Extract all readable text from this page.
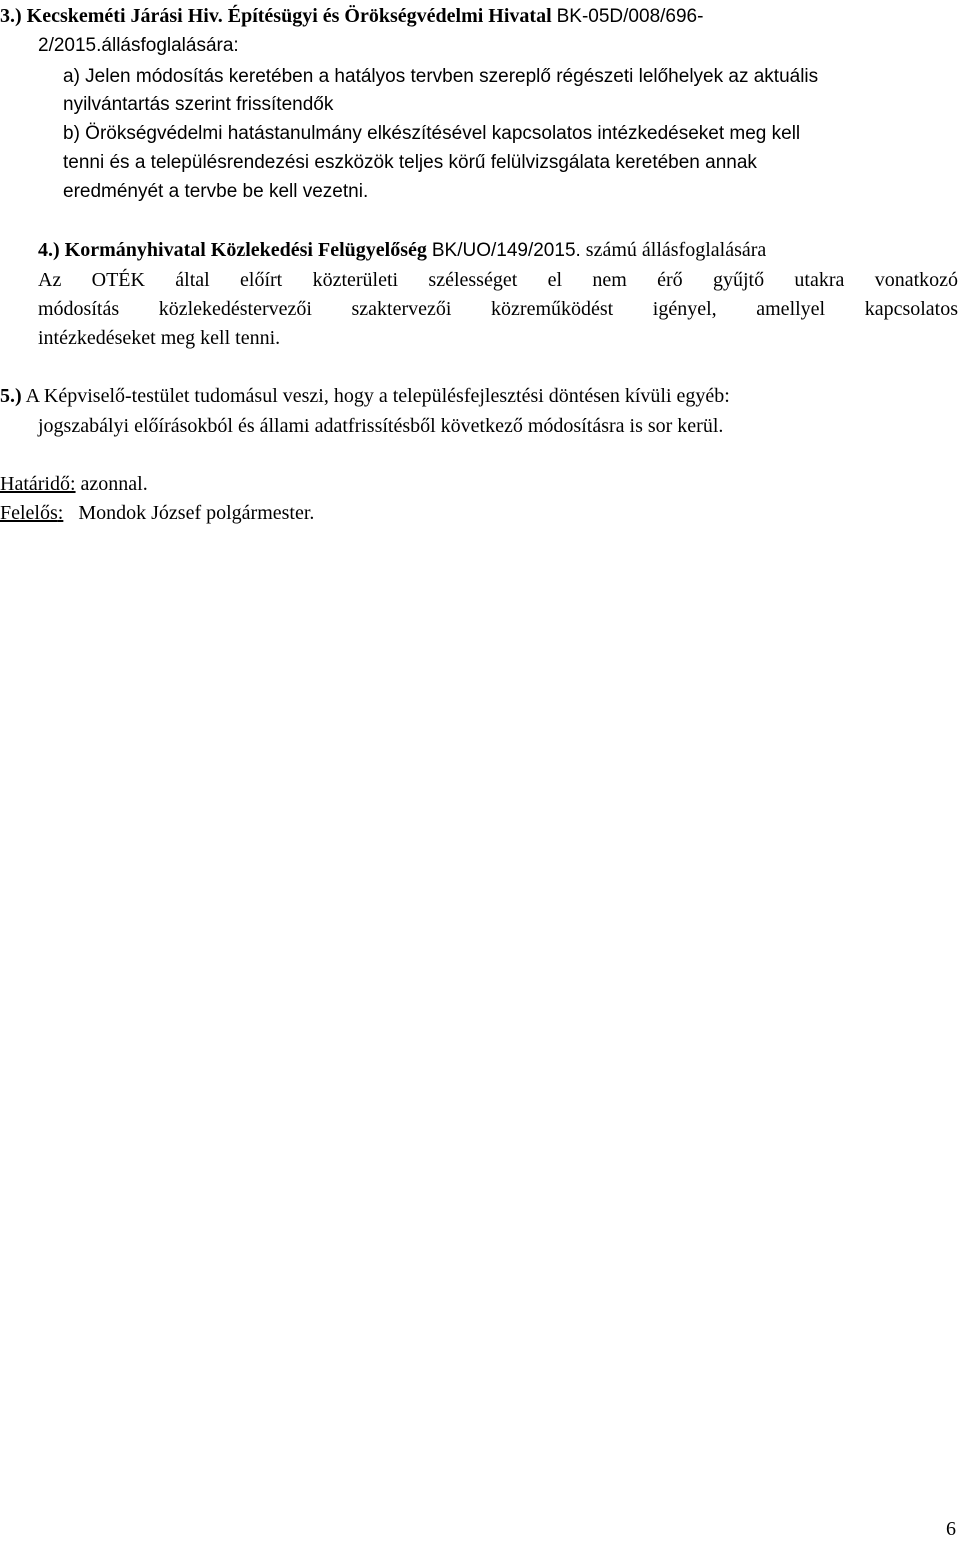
3.) Kecskeméti Járási Hiv. Építésügyi és Örökségvédelmi Hivatal BK-05D/008/696-
2/2015.állásfoglalására:
a) Jelen módosítás keretében a hatályos tervben szereplő régészeti lelőhelyek az aktuális
nyilvántartás szerint frissítendők
b) Örökségvédelmi hatástanulmány elkészítésével kapcsolatos intézkedéseket meg kell
tenni és a településrendezési eszközök teljes körű felülvizsgálata keretében annak
eredményét a tervbe be kell vezetni.
4.) Kormányhivatal Közlekedési Felügyelőség BK/UO/149/2015. számú állásfoglalására
Az OTÉK által előírt közterületi szélességet el nem érő gyűjtő utakra vonatkozó
módosítás közlekedéstervezői szaktervezői közreműködést igényel, amellyel kapcsolatos
intézkedéseket meg kell tenni.
5.) A Képviselő-testület tudomásul veszi, hogy a településfejlesztési döntésen kívüli egyéb:
jogszabályi előírásokból és állami adatfrissítésből következő módosításra is sor kerül.
Határidő: azonnal.
Felelős: Mondok József polgármester.
6
